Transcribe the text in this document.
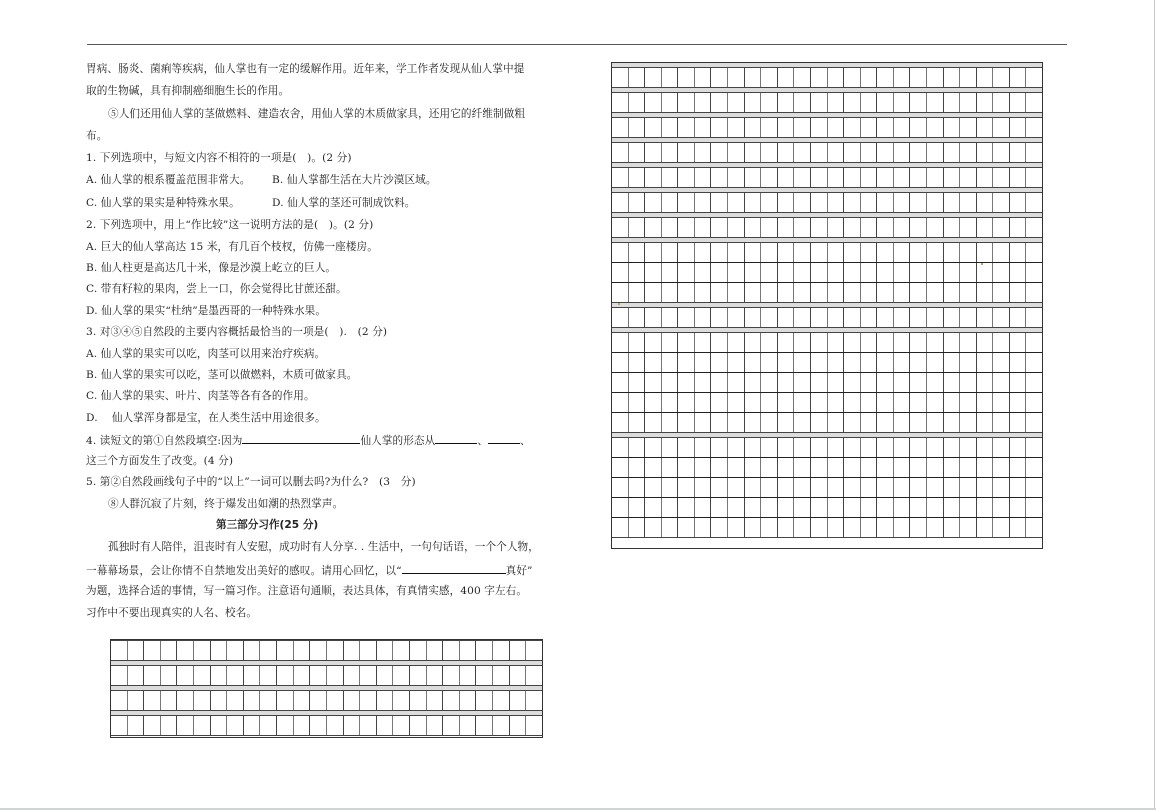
胃病、肠炎、菌痢等疾病，仙人掌也有一定的缓解作用。近年来，学工作者发现从仙人掌中提
取的生物碱，具有抑制癌细胞生长的作用。
⑤人们还用仙人掌的茎做燃料、建造农舍，用仙人掌的木质做家具，还用它的纤维制做粗
布。
1. 下列选项中，与短文内容不相符的一项是(　)。(2 分)
A. 仙人掌的根系覆盖范围非常大。 B. 仙人掌都生活在大片沙漠区域。
C. 仙人掌的果实是种特殊水果。	D. 仙人掌的茎还可制成饮料。
2. 下列选项中，用上“作比较”这一说明方法的是(　)。(2 分)
A. 巨大的仙人掌高达 15 米，有几百个枝杈，仿佛一座楼房。
B. 仙人柱更是高达几十米，像是沙漠上屹立的巨人。
C. 带有籽粒的果肉，尝上一口，你会觉得比甘蔗还甜。
D. 仙人掌的果实“杜纳”是墨西哥的一种特殊水果。
3. 对③④⑤自然段的主要内容概括最恰当的一项是(　).　(2 分)
A. 仙人掌的果实可以吃，肉茎可以用来治疗疾病。
B. 仙人掌的果实可以吃，茎可以做燃料，木质可做家具。
C. 仙人掌的果实、叶片、肉茎等各有各的作用。
D.　 仙人掌浑身都是宝，在人类生活中用途很多。
4. 读短文的第①自然段填空:因为	仙人掌的形态从	、	、
这三个方面发生了改变。(4 分)
5. 第②自然段画线句子中的“以上”一词可以删去吗?为什么?　(3　分)
⑧人群沉寂了片刻，终于爆发出如潮的热烈掌声。
第三部分习作(25 分)
孤独时有人陪伴，沮丧时有人安慰，成功时有人分享. . 生活中，一句句话语，一个个人物，
一幕幕场景，会让你情不自禁地发出美好的感叹。请用心回忆，以“	真好”
为题，选择合适的事情，写一篇习作。注意语句通顺，表达具体，有真情实感，400 字左右。
习作中不要出现真实的人名、校名。
